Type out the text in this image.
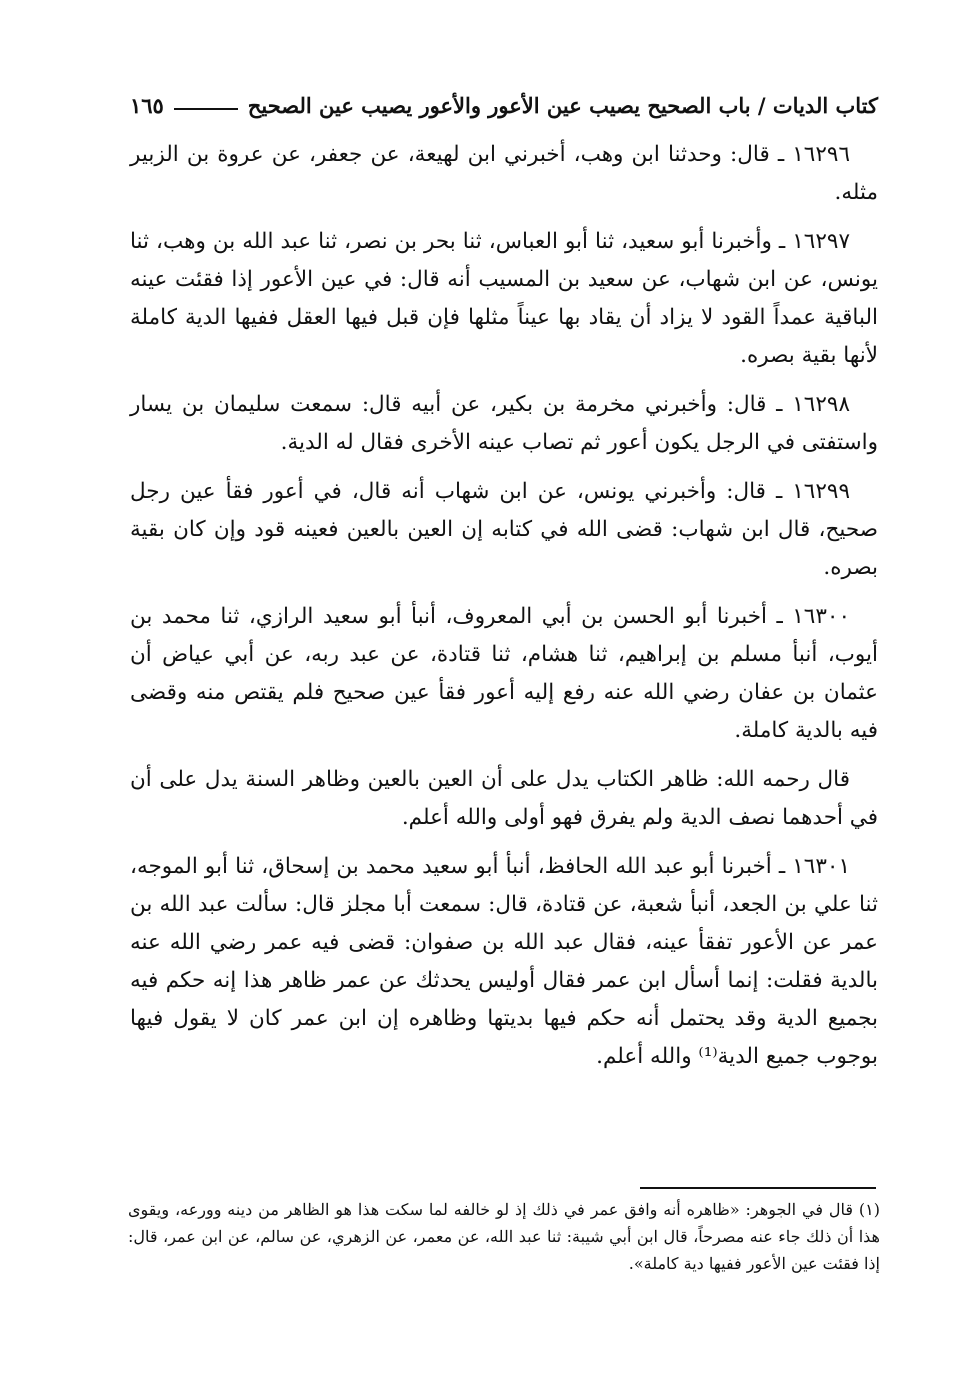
كتاب الديات / باب الصحيح يصيب عين الأعور والأعور يصيب عين الصحيح
١٦٥

١٦٢٩٦ ـ قال: وحدثنا ابن وهب، أخبرني ابن لهيعة، عن جعفر، عن عروة بن الزبير مثله.

١٦٢٩٧ ـ وأخبرنا أبو سعيد، ثنا أبو العباس، ثنا بحر بن نصر، ثنا عبد الله بن وهب، ثنا يونس، عن ابن شهاب، عن سعيد بن المسيب أنه قال: في عين الأعور إذا فقئت عينه الباقية عمداً القود لا يزاد أن يقاد بها عيناً مثلها فإن قبل فيها العقل ففيها الدية كاملة لأنها بقية بصره.

١٦٢٩٨ ـ قال: وأخبرني مخرمة بن بكير، عن أبيه قال: سمعت سليمان بن يسار واستفتى في الرجل يكون أعور ثم تصاب عينه الأخرى فقال له الدية.

١٦٢٩٩ ـ قال: وأخبرني يونس، عن ابن شهاب أنه قال، في أعور فقأ عين رجل صحيح، قال ابن شهاب: قضى الله في كتابه إن العين بالعين فعينه قود وإن كان بقية بصره.

١٦٣٠٠ ـ أخبرنا أبو الحسن بن أبي المعروف، أنبأ أبو سعيد الرازي، ثنا محمد بن أيوب، أنبأ مسلم بن إبراهيم، ثنا هشام، ثنا قتادة، عن عبد ربه، عن أبي عياض أن عثمان بن عفان رضي الله عنه رفع إليه أعور فقأ عين صحيح فلم يقتص منه وقضى فيه بالدية كاملة.

قال رحمه الله: ظاهر الكتاب يدل على أن العين بالعين وظاهر السنة يدل على أن في أحدهما نصف الدية ولم يفرق فهو أولى والله أعلم.

١٦٣٠١ ـ أخبرنا أبو عبد الله الحافظ، أنبأ أبو سعيد محمد بن إسحاق، ثنا أبو الموجه، ثنا علي بن الجعد، أنبأ شعبة، عن قتادة، قال: سمعت أبا مجلز قال: سألت عبد الله بن عمر عن الأعور تفقأ عينه، فقال عبد الله بن صفوان: قضى فيه عمر رضي الله عنه بالدية فقلت: إنما أسأل ابن عمر فقال أوليس يحدثك عن عمر ظاهر هذا إنه حكم فيه بجميع الدية وقد يحتمل أنه حكم فيها بديتها وظاهره إن ابن عمر كان لا يقول فيها بوجوب جميع الدية⁽¹⁾ والله أعلم.

(١) قال في الجوهر: «ظاهره أنه وافق عمر في ذلك إذ لو خالفه لما سكت هذا هو الظاهر من دينه وورعه، ويقوى هذا أن ذلك جاء عنه مصرحاً، قال ابن أبي شيبة: ثنا عبد الله، عن معمر، عن الزهري، عن سالم، عن ابن عمر، قال: إذا فقئت عين الأعور ففيها دية كاملة».
